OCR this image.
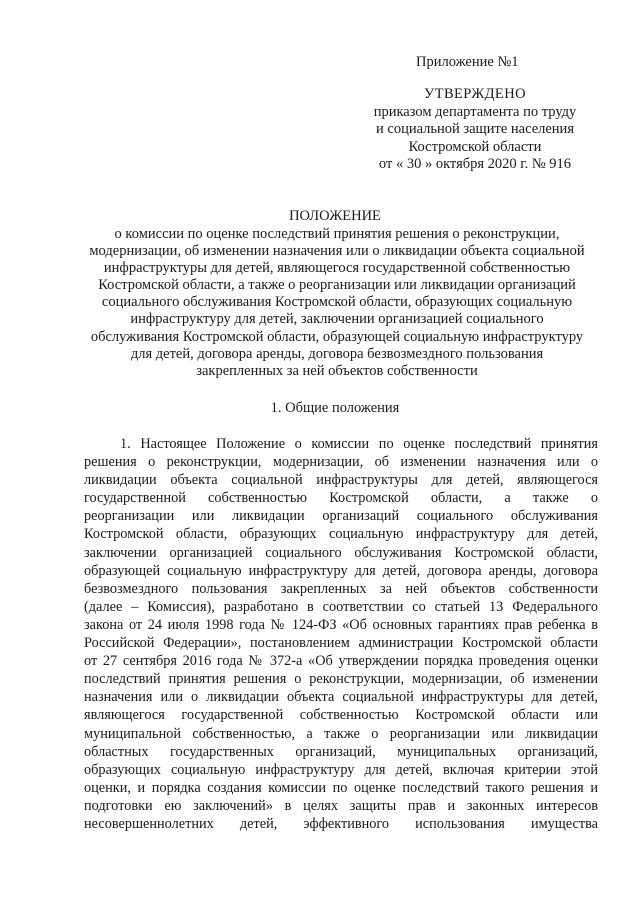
Приложение №1
УТВЕРЖДЕНО
приказом департамента по труду
и социальной защите населения
Костромской области
от « 30 » октября 2020 г. № 916
ПОЛОЖЕНИЕ
о комиссии по оценке последствий принятия решения о реконструкции,
модернизации, об изменении назначения или о ликвидации объекта социальной
инфраструктуры для детей, являющегося государственной собственностью
Костромской области, а также о реорганизации или ликвидации организаций
социального обслуживания Костромской области, образующих социальную
инфраструктуру для детей, заключении организацией социального
обслуживания Костромской области, образующей социальную инфраструктуру
для детей, договора аренды, договора безвозмездного пользования
закрепленных за ней объектов собственности
1. Общие положения
1. Настоящее Положение о комиссии по оценке последствий принятия
решения о реконструкции, модернизации, об изменении назначения или о
ликвидации объекта социальной инфраструктуры для детей, являющегося
государственной собственностью Костромской области, а также о
реорганизации или ликвидации организаций социального обслуживания
Костромской области, образующих социальную инфраструктуру для детей,
заключении организацией социального обслуживания Костромской области,
образующей социальную инфраструктуру для детей, договора аренды, договора
безвозмездного пользования закрепленных за ней объектов собственности
(далее – Комиссия), разработано в соответствии со статьей 13 Федерального
закона от 24 июля 1998 года № 124-ФЗ «Об основных гарантиях прав ребенка в
Российской Федерации», постановлением администрации Костромской области
от 27 сентября 2016 года № 372-а «Об утверждении порядка проведения оценки
последствий принятия решения о реконструкции, модернизации, об изменении
назначения или о ликвидации объекта социальной инфраструктуры для детей,
являющегося государственной собственностью Костромской области или
муниципальной собственностью, а также о реорганизации или ликвидации
областных государственных организаций, муниципальных организаций,
образующих социальную инфраструктуру для детей, включая критерии этой
оценки, и порядка создания комиссии по оценке последствий такого решения и
подготовки ею заключений» в целях защиты прав и законных интересов
несовершеннолетних детей, эффективного использования имущества
